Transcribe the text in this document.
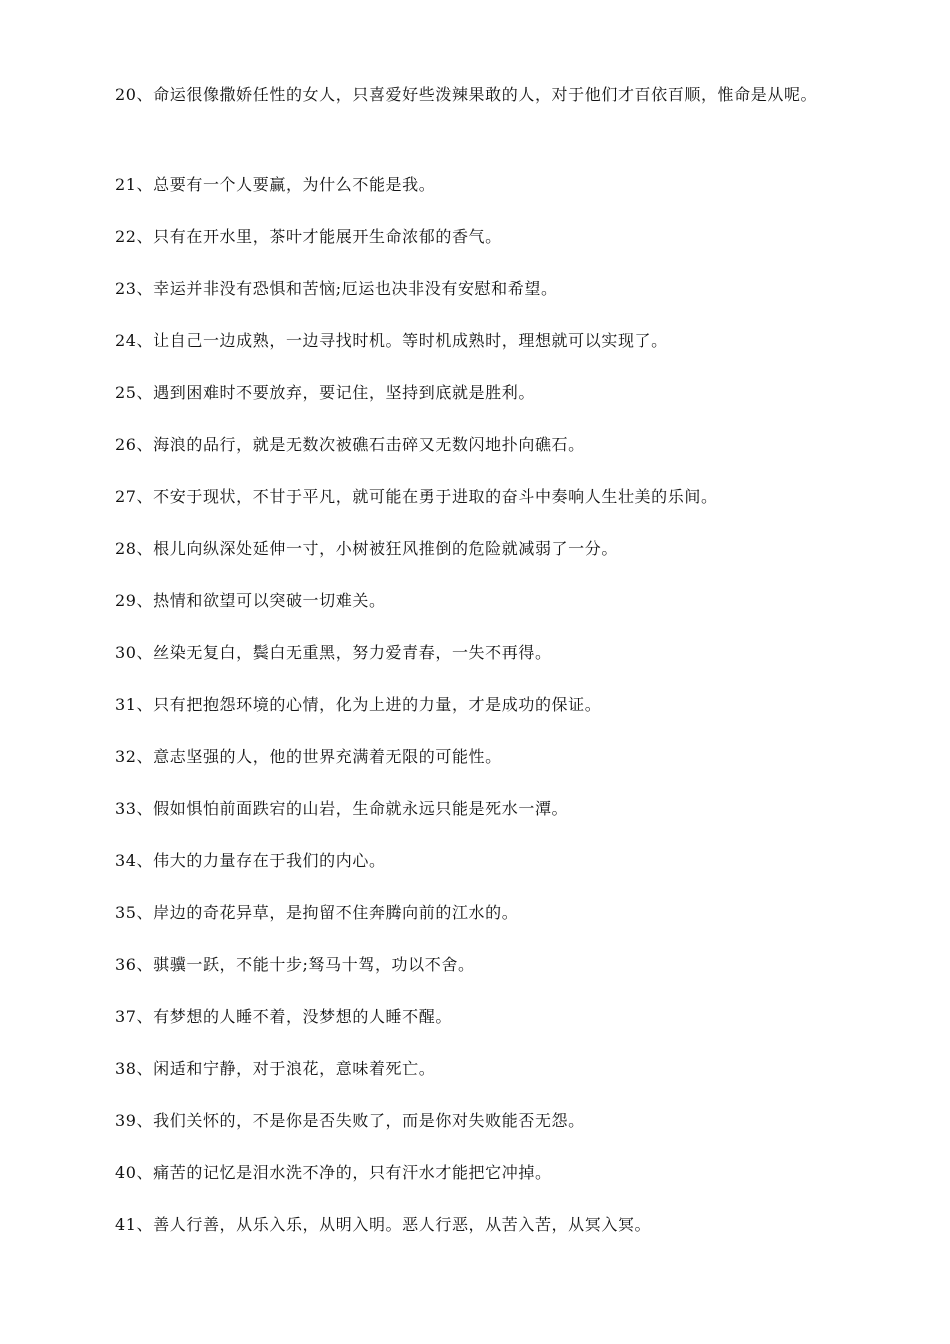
20、命运很像撒娇任性的女人，只喜爱好些泼辣果敢的人，对于他们才百依百顺，惟命是从呢。

21、总要有一个人要赢，为什么不能是我。

22、只有在开水里，茶叶才能展开生命浓郁的香气。

23、幸运并非没有恐惧和苦恼;厄运也决非没有安慰和希望。

24、让自己一边成熟，一边寻找时机。等时机成熟时，理想就可以实现了。

25、遇到困难时不要放弃，要记住，坚持到底就是胜利。

26、海浪的品行，就是无数次被礁石击碎又无数闪地扑向礁石。

27、不安于现状，不甘于平凡，就可能在勇于进取的奋斗中奏响人生壮美的乐间。

28、根儿向纵深处延伸一寸，小树被狂风推倒的危险就减弱了一分。

29、热情和欲望可以突破一切难关。

30、丝染无复白，鬓白无重黑，努力爱青春，一失不再得。

31、只有把抱怨环境的心情，化为上进的力量，才是成功的保证。

32、意志坚强的人，他的世界充满着无限的可能性。

33、假如惧怕前面跌宕的山岩，生命就永远只能是死水一潭。

34、伟大的力量存在于我们的内心。

35、岸边的奇花异草，是拘留不住奔腾向前的江水的。

36、骐骥一跃，不能十步;驽马十驾，功以不舍。

37、有梦想的人睡不着，没梦想的人睡不醒。

38、闲适和宁静，对于浪花，意味着死亡。

39、我们关怀的，不是你是否失败了，而是你对失败能否无怨。

40、痛苦的记忆是泪水洗不净的，只有汗水才能把它冲掉。

41、善人行善，从乐入乐，从明入明。恶人行恶，从苦入苦，从冥入冥。
